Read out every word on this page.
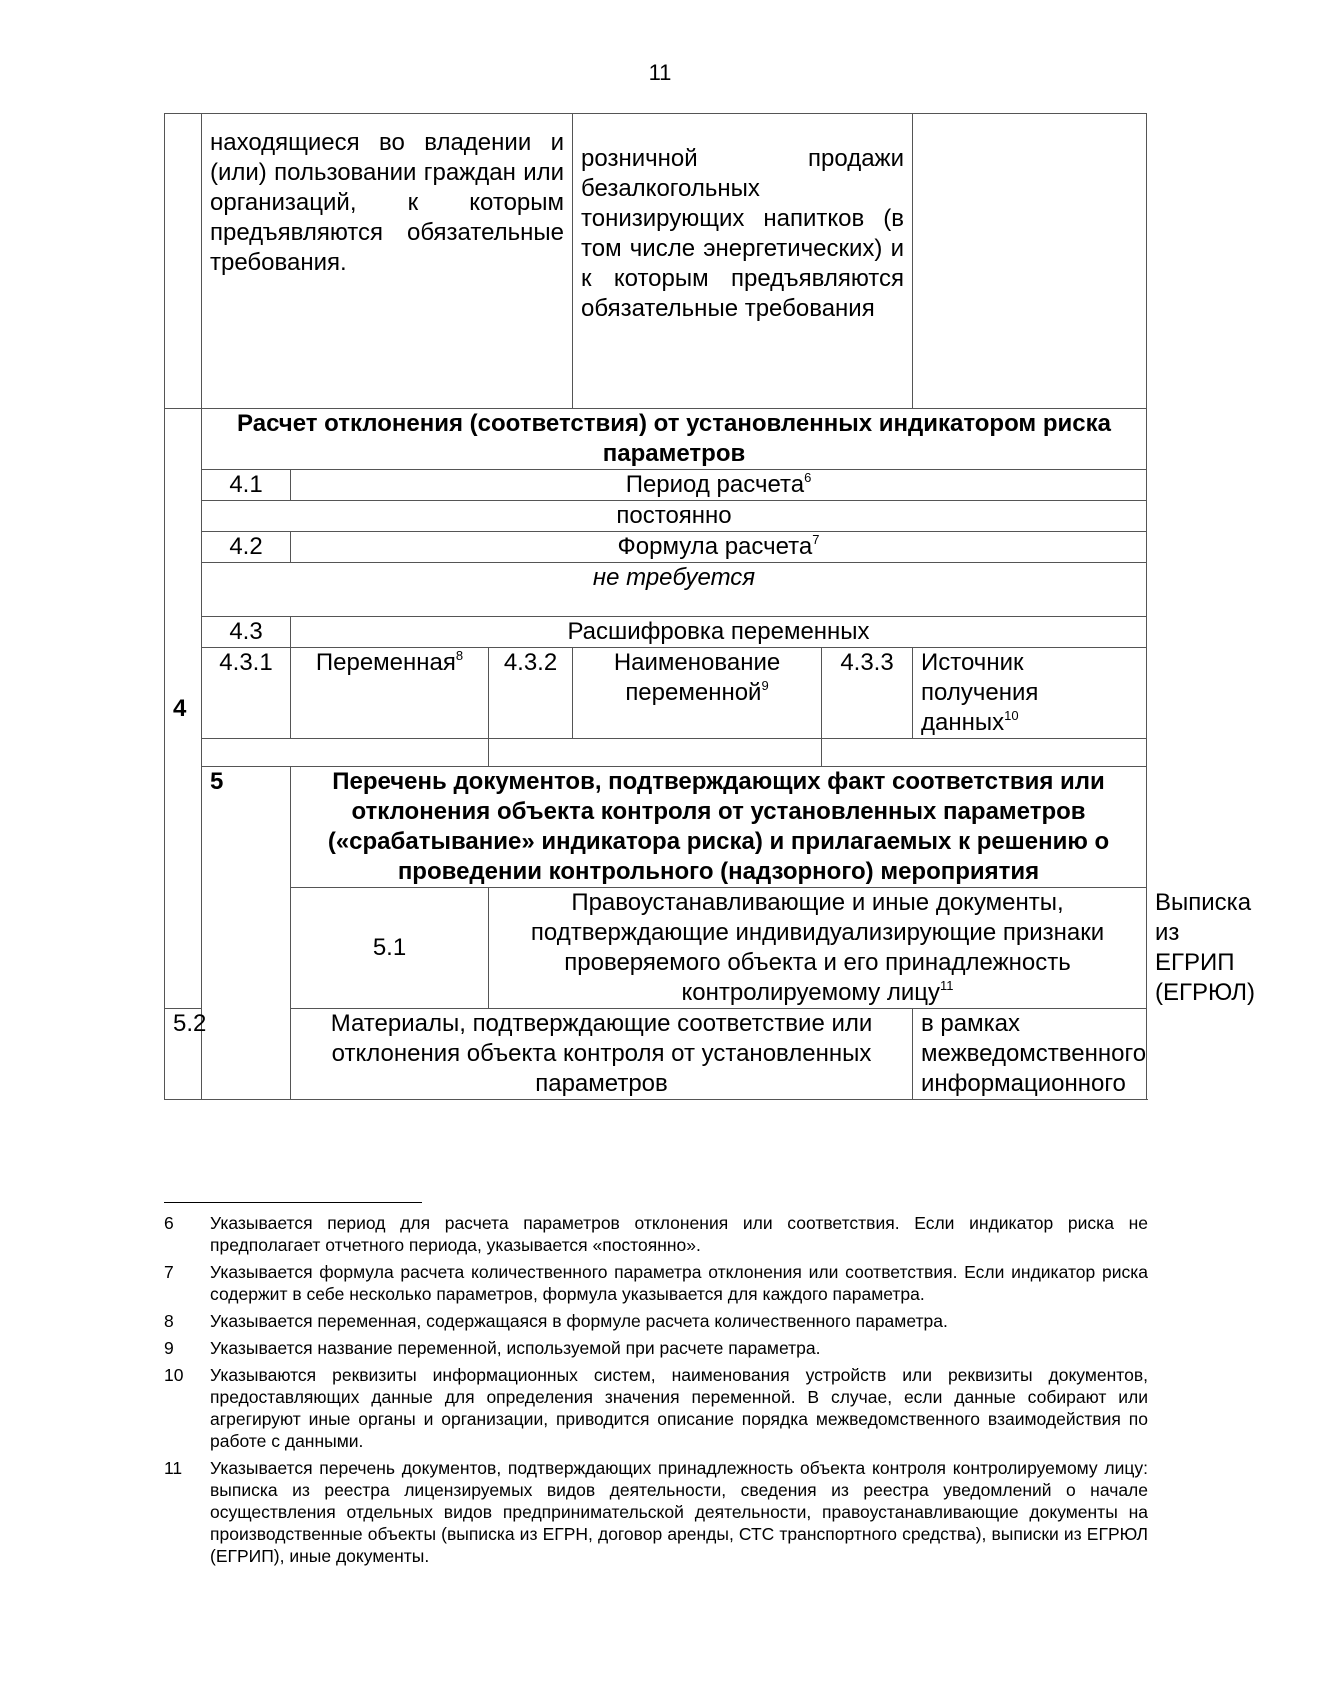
11
	находящиеся во владении и (или) пользовании граждан или организаций, к которым предъявляются обязательные требования.			розничной продажи безалкогольных тонизирующих напитков (в том числе энергетических) и к которым предъявляются обязательные требования			
4	Расчет отклонения (соответствия) от установленных индикатором риска параметров						
	4.1	Период расчета$^6$
	постоянно						
	4.2	Формула расчета$^7$
	не требуется						
	4.3	Расшифровка переменных					
	4.3.1	Переменная$^8$	4.3.2	Наименование переменной$^9$	4.3.3	Источник получения данных$^{10}$

	5	Перечень документов, подтверждающих факт соответствия или отклонения объекта контроля от установленных параметров («срабатывание» индикатора риска) и прилагаемых к решению о проведении контрольного (надзорного) мероприятия					
		5.1	Правоустанавливающие и иные документы, подтверждающие индивидуализирующие признаки проверяемого объекта и его принадлежность контролируемому лицу$^{11}$				Выписка из ЕГРИП (ЕГРЮЛ)
5.2		Материалы, подтверждающие соответствие или отклонения объекта контроля от установленных параметров				в рамках межведомственного информационного	
6	Указывается период для расчета параметров отклонения или соответствия. Если индикатор риска не предполагает отчетного периода, указывается «постоянно».
7	Указывается формула расчета количественного параметра отклонения или соответствия. Если индикатор риска содержит в себе несколько параметров, формула указывается для каждого параметра.
8	Указывается переменная, содержащаяся в формуле расчета количественного параметра.
9	Указывается название переменной, используемой при расчете параметра.
10	Указываются реквизиты информационных систем, наименования устройств или реквизиты документов, предоставляющих данные для определения значения переменной. В случае, если данные собирают или агрегируют иные органы и организации, приводится описание порядка межведомственного взаимодействия по работе с данными.
11	Указывается перечень документов, подтверждающих принадлежность объекта контроля контролируемому лицу: выписка из реестра лицензируемых видов деятельности, сведения из реестра уведомлений о начале осуществления отдельных видов предпринимательской деятельности, правоустанавливающие документы на производственные объекты (выписка из ЕГРН, договор аренды, СТС транспортного средства), выписки из ЕГРЮЛ (ЕГРИП), иные документы.
